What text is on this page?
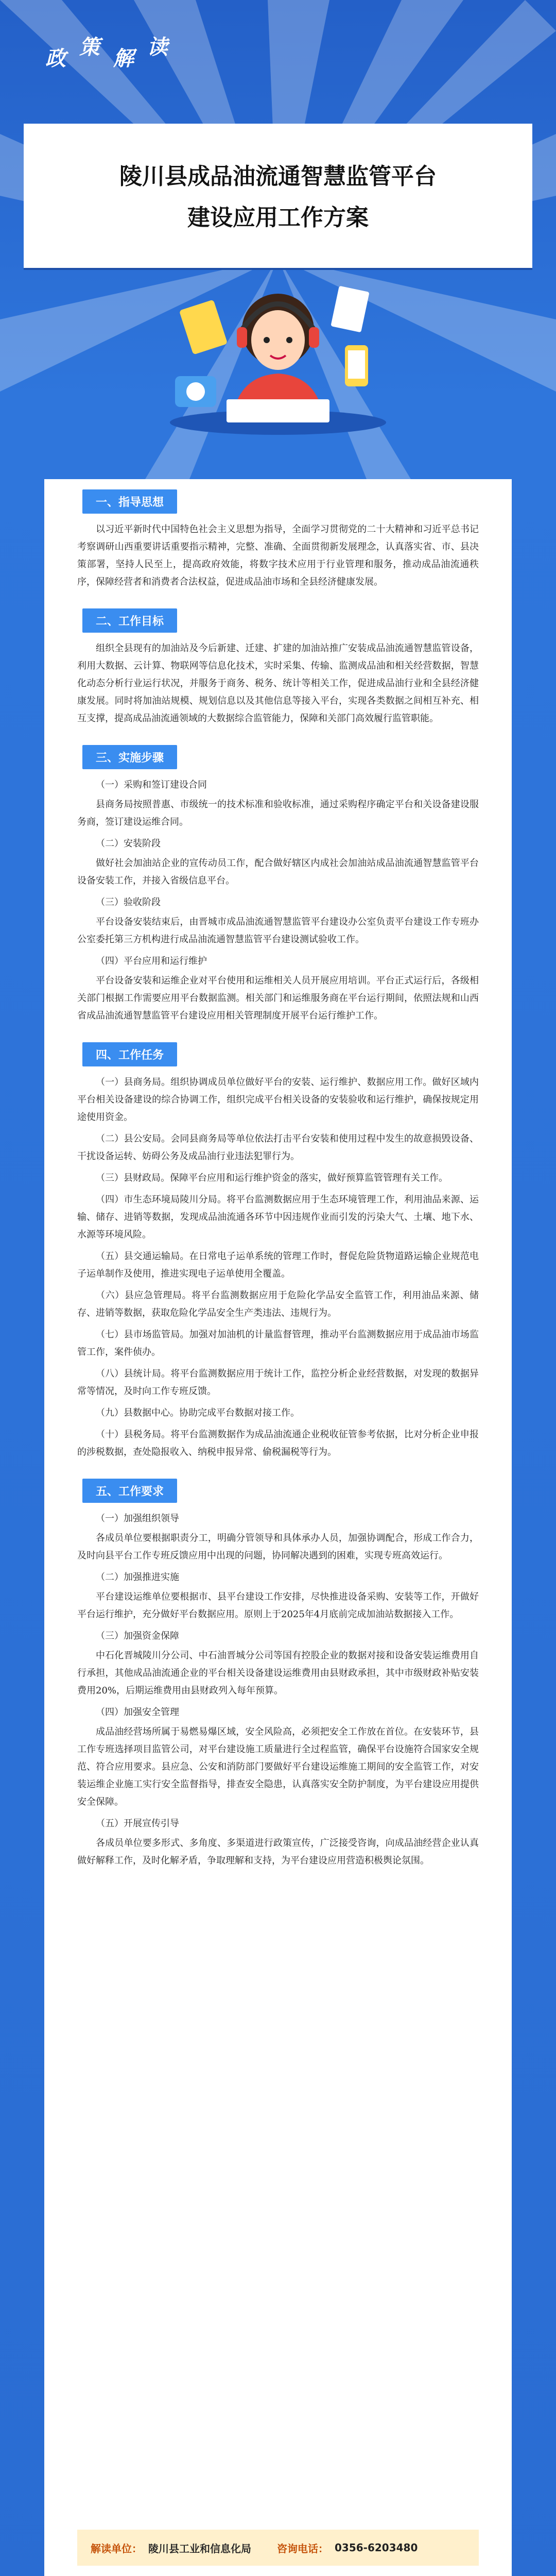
政 策 解 读
陵川县成品油流通智慧监管平台
建设应用工作方案
一、指导思想

以习近平新时代中国特色社会主义思想为指导，全面学习贯彻党的二十大精神和习近平总书记考察调研山西重要讲话重要指示精神，完整、准确、全面贯彻新发展理念，认真落实省、市、县决策部署，坚持人民至上，提高政府效能，将数字技术应用于行业管理和服务，推动成品油流通秩序，保障经营者和消费者合法权益，促进成品油市场和全县经济健康发展。

二、工作目标

组织全县现有的加油站及今后新建、迁建、扩建的加油站推广安装成品油流通智慧监管设备，利用大数据、云计算、物联网等信息化技术，实时采集、传输、监测成品油和相关经营数据，智慧化动态分析行业运行状况，并服务于商务、税务、统计等相关工作，促进成品油行业和全县经济健康发展。同时将加油站规模、规划信息以及其他信息等接入平台，实现各类数据之间相互补充、相互支撑，提高成品油流通领域的大数据综合监管能力，保障和关部门高效履行监管职能。

三、实施步骤

（一）采购和签订建设合同

县商务局按照普惠、市级统一的技术标准和验收标准，通过采购程序确定平台和关设备建设服务商，签订建设运维合同。

（二）安装阶段

做好社会加油站企业的宣传动员工作，配合做好辖区内成社会加油站成品油流通智慧监管平台设备安装工作，并接入省级信息平台。

（三）验收阶段

平台设备安装结束后，由晋城市成品油流通智慧监管平台建设办公室负责平台建设工作专班办公室委托第三方机构进行成品油流通智慧监管平台建设测试验收工作。

（四）平台应用和运行维护

平台设备安装和运维企业对平台使用和运维相关人员开展应用培训。平台正式运行后，各级相关部门根据工作需要应用平台数据监测。相关部门和运维服务商在平台运行期间，依照法规和山西省成品油流通智慧监管平台建设应用相关管理制度开展平台运行维护工作。

四、工作任务

（一）县商务局。组织协调成员单位做好平台的安装、运行维护、数据应用工作。做好区域内平台相关设备建设的综合协调工作，组织完成平台相关设备的安装验收和运行维护，确保按规定用途使用资金。

（二）县公安局。会同县商务局等单位依法打击平台安装和使用过程中发生的故意损毁设备、干扰设备运转、妨碍公务及成品油行业违法犯罪行为。

（三）县财政局。保障平台应用和运行维护资金的落实，做好预算监管管理有关工作。

（四）市生态环境局陵川分局。将平台监测数据应用于生态环境管理工作，利用油品来源、运输、储存、进销等数据，发现成品油流通各环节中因违规作业而引发的污染大气、土壤、地下水、水源等环境风险。

（五）县交通运输局。在日常电子运单系统的管理工作时，督促危险货物道路运输企业规范电子运单制作及使用，推进实现电子运单使用全覆盖。

（六）县应急管理局。将平台监测数据应用于危险化学品安全监管工作，利用油品来源、储存、进销等数据，获取危险化学品安全生产类违法、违规行为。

（七）县市场监管局。加强对加油机的计量监督管理，推动平台监测数据应用于成品油市场监管工作，案件侦办。

（八）县统计局。将平台监测数据应用于统计工作，监控分析企业经营数据，对发现的数据异常等情况，及时向工作专班反馈。

（九）县数据中心。协助完成平台数据对接工作。

（十）县税务局。将平台监测数据作为成品油流通企业税收征管参考依据，比对分析企业申报的涉税数据，查处隐报收入、纳税申报异常、偷税漏税等行为。

五、工作要求

（一）加强组织领导

各成员单位要根据职责分工，明确分管领导和具体承办人员，加强协调配合，形成工作合力，及时向县平台工作专班反馈应用中出现的问题，协同解决遇到的困难，实现专班高效运行。

（二）加强推进实施

平台建设运维单位要根据市、县平台建设工作安排，尽快推进设备采购、安装等工作，开做好平台运行维护，充分做好平台数据应用。原则上于2025年4月底前完成加油站数据接入工作。

（三）加强资金保障

中石化晋城陵川分公司、中石油晋城分公司等国有控股企业的数据对接和设备安装运维费用自行承担，其他成品油流通企业的平台相关设备建设运维费用由县财政承担，其中市级财政补贴安装费用20%，后期运维费用由县财政列入每年预算。

（四）加强安全管理

成品油经营场所属于易燃易爆区域，安全风险高，必须把安全工作放在首位。在安装环节，县工作专班选择项目监管公司，对平台建设施工质量进行全过程监管，确保平台设施符合国家安全规范、符合应用要求。县应急、公安和消防部门要做好平台建设运维施工期间的安全监管工作，对安装运维企业施工实行安全监督指导，排查安全隐患，认真落实安全防护制度，为平台建设应用提供安全保障。

（五）开展宣传引导

各成员单位要多形式、多角度、多渠道进行政策宣传，广泛接受咨询，向成品油经营企业认真做好解释工作，及时化解矛盾，争取理解和支持，为平台建设应用营造积极舆论氛围。

解读单位： 陵川县工业和信息化局	咨询电话： 0356-6203480
